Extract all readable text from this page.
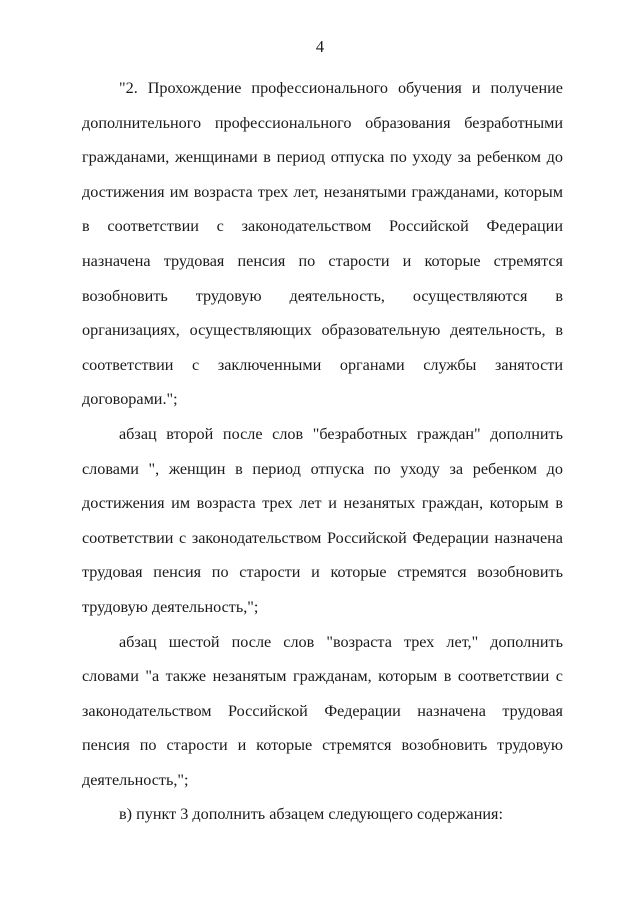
4

"2. Прохождение профессионального обучения и получение дополнительного профессионального образования безработными гражданами, женщинами в период отпуска по уходу за ребенком до достижения им возраста трех лет, незанятыми гражданами, которым в соответствии с законодательством Российской Федерации назначена трудовая пенсия по старости и которые стремятся возобновить трудовую деятельность, осуществляются в организациях, осуществляющих образовательную деятельность, в соответствии с заключенными органами службы занятости договорами.";

абзац второй после слов "безработных граждан" дополнить словами ", женщин в период отпуска по уходу за ребенком до достижения им возраста трех лет и незанятых граждан, которым в соответствии с законодательством Российской Федерации назначена трудовая пенсия по старости и которые стремятся возобновить трудовую деятельность,";

абзац шестой после слов "возраста трех лет," дополнить словами "а также незанятым гражданам, которым в соответствии с законодательством Российской Федерации назначена трудовая пенсия по старости и которые стремятся возобновить трудовую деятельность,";

в) пункт 3 дополнить абзацем следующего содержания:
